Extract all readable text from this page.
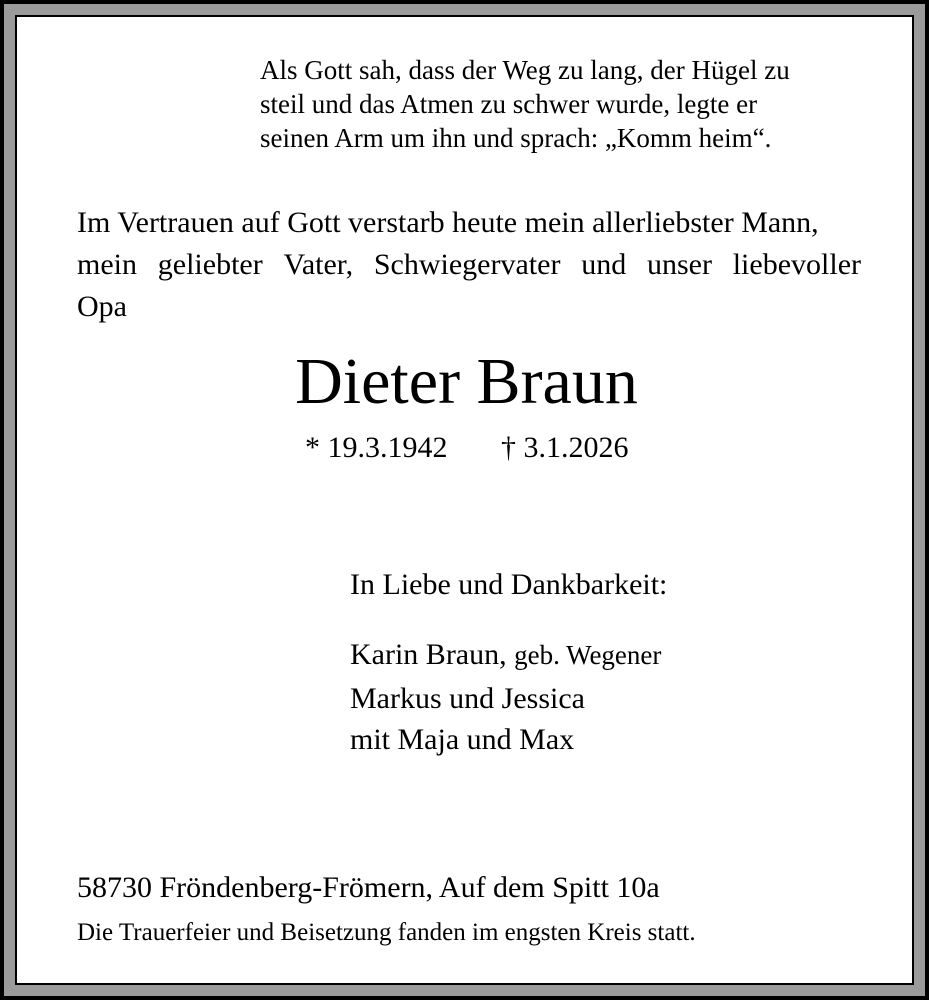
Als Gott sah, dass der Weg zu lang, der Hügel zu
steil und das Atmen zu schwer wurde, legte er
seinen Arm um ihn und sprach: „Komm heim“.
Im Vertrauen auf Gott verstarb heute mein allerliebster Mann,
mein geliebter Vater, Schwiegervater und unser liebevoller
Opa
Dieter Braun
* 19.3.1942 † 3.1.2026
In Liebe und Dankbarkeit:
Karin Braun, geb. Wegener
Markus und Jessica
mit Maja und Max
58730 Fröndenberg-Frömern, Auf dem Spitt 10a
Die Trauerfeier und Beisetzung fanden im engsten Kreis statt.
